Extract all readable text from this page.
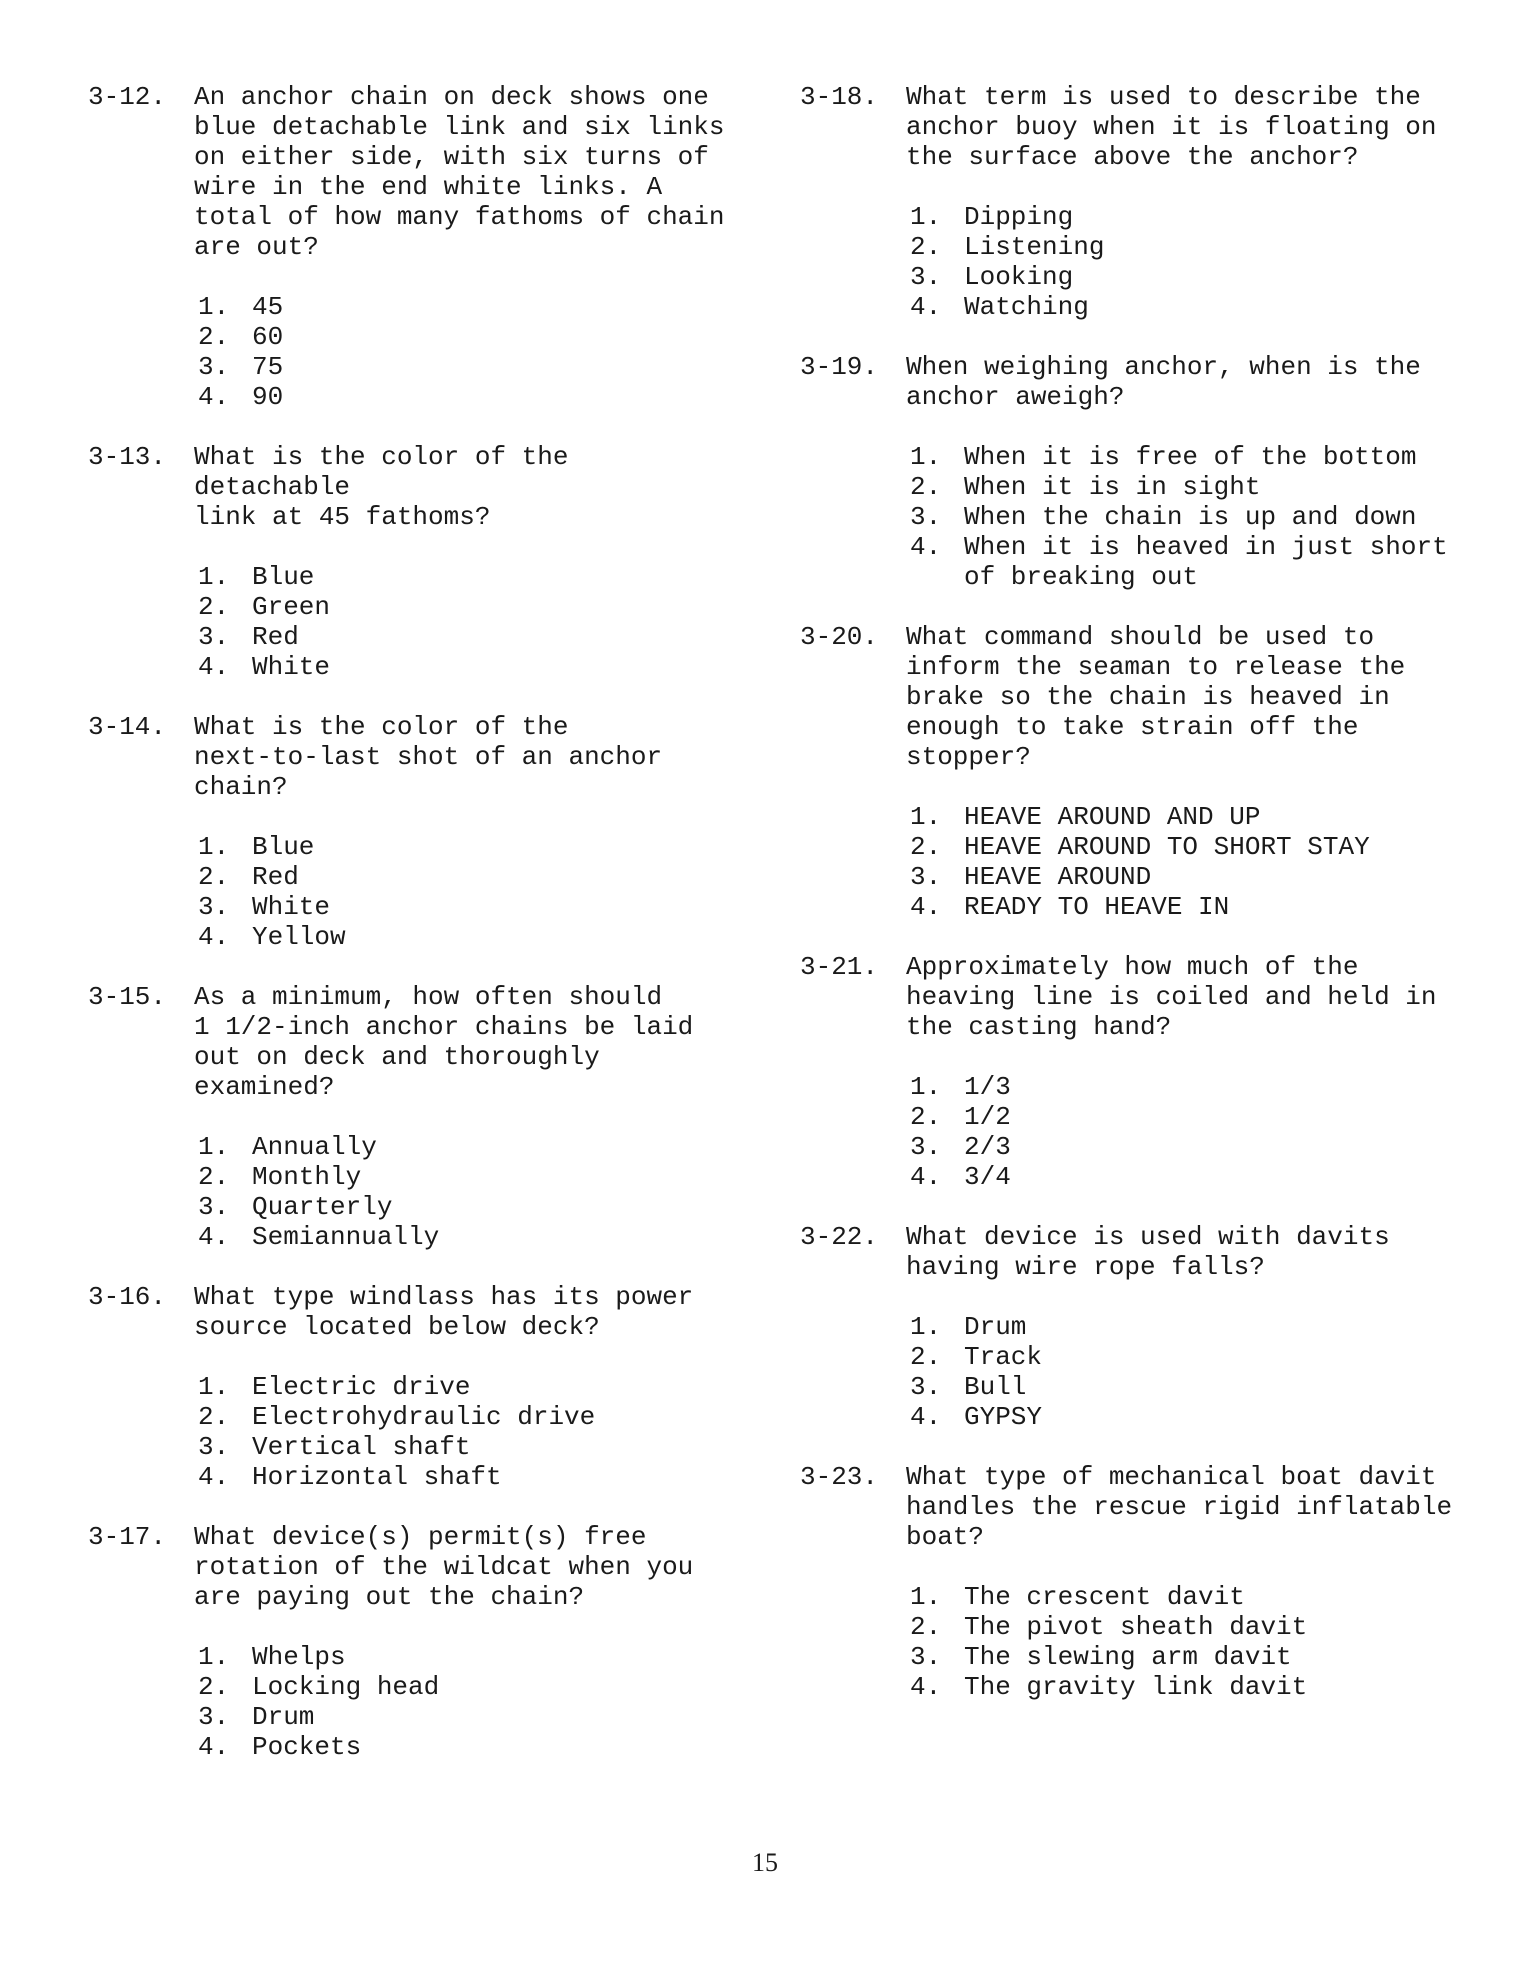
3-12.	An anchor chain on deck shows one
blue detachable link and six links
on either side, with six turns of
wire in the end white links. A
total of how many fathoms of chain
are out?
1. 45
2. 60
3. 75
4. 90
3-13.	What is the color of the detachable
link at 45 fathoms?
1. Blue
2. Green
3. Red
4. White
3-14.	What is the color of the
next-to-last shot of an anchor
chain?
1. Blue
2. Red
3. White
4. Yellow
3-15.	As a minimum, how often should
1 1/2-inch anchor chains be laid
out on deck and thoroughly
examined?
1. Annually
2. Monthly
3. Quarterly
4. Semiannually
3-16.	What type windlass has its power
source located below deck?
1. Electric drive
2. Electrohydraulic drive
3. Vertical shaft
4. Horizontal shaft
3-17.	What device(s) permit(s) free
rotation of the wildcat when you
are paying out the chain?
1. Whelps
2. Locking head
3. Drum
4. Pockets
3-18.	What term is used to describe the
anchor buoy when it is floating on
the surface above the anchor?
1. Dipping
2. Listening
3. Looking
4. Watching
3-19.	When weighing anchor, when is the
anchor aweigh?
1. When it is free of the bottom
2. When it is in sight
3. When the chain is up and down
4. When it is heaved in just short
of breaking out
3-20.	What command should be used to
inform the seaman to release the
brake so the chain is heaved in
enough to take strain off the
stopper?
1. HEAVE AROUND AND UP
2. HEAVE AROUND TO SHORT STAY
3. HEAVE AROUND
4. READY TO HEAVE IN
3-21.	Approximately how much of the
heaving line is coiled and held in
the casting hand?
1. 1/3
2. 1/2
3. 2/3
4. 3/4
3-22.	What device is used with davits
having wire rope falls?
1. Drum
2. Track
3. Bull
4. GYPSY
3-23.	What type of mechanical boat davit
handles the rescue rigid inflatable
boat?
1. The crescent davit
2. The pivot sheath davit
3. The slewing arm davit
4. The gravity link davit
15
